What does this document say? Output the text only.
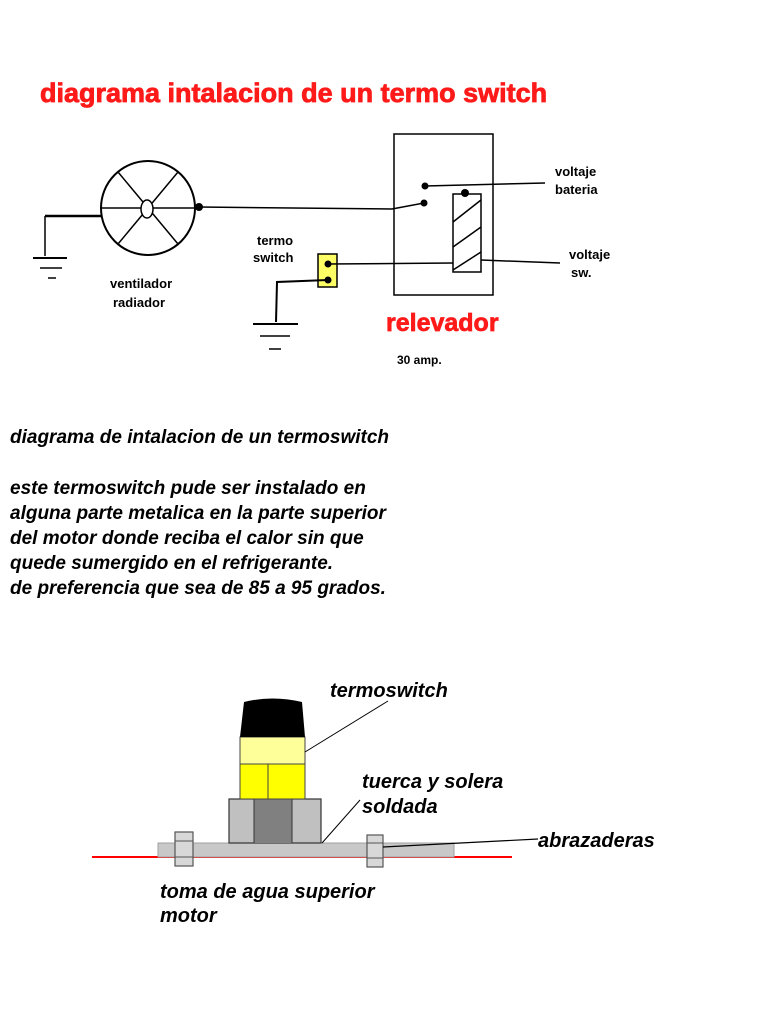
diagrama intalacion de un termo switch
ventilador
radiador
termo
switch
voltaje
bateria
voltaje
sw.
relevador
30 amp.
diagrama de intalacion de un termoswitch
este termoswitch pude ser instalado en
alguna parte metalica en la parte superior
del motor donde reciba el calor sin que
quede sumergido en el refrigerante.
de preferencia que sea de 85 a 95 grados.
termoswitch
tuerca y solera
soldada
abrazaderas
toma de agua superior
motor
